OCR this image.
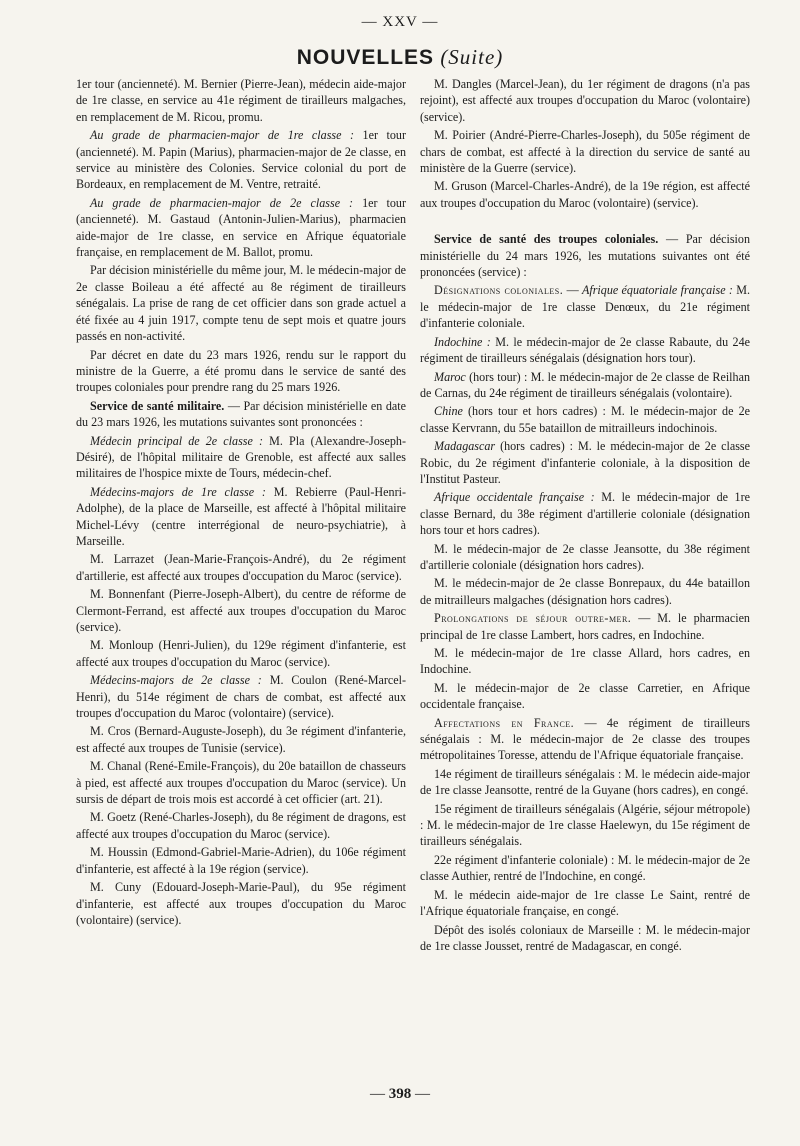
— XXV —
NOUVELLES (Suite)

1er tour (ancienneté). M. Bernier (Pierre-Jean), médecin aide-major de 1re classe, en service au 41e régiment de tirailleurs malgaches, en remplacement de M. Ricou, promu.

Au grade de pharmacien-major de 1re classe : 1er tour (ancienneté). M. Papin (Marius), pharmacien-major de 2e classe, en service au ministère des Colonies. Service colonial du port de Bordeaux, en remplacement de M. Ventre, retraité.

Au grade de pharmacien-major de 2e classe : 1er tour (ancienneté). M. Gastaud (Antonin-Julien-Marius), pharmacien aide-major de 1re classe, en service en Afrique équatoriale française, en remplacement de M. Ballot, promu.

Par décision ministérielle du même jour, M. le médecin-major de 2e classe Boileau a été affecté au 8e régiment de tirailleurs sénégalais. La prise de rang de cet officier dans son grade actuel a été fixée au 4 juin 1917, compte tenu de sept mois et quatre jours passés en non-activité.

Par décret en date du 23 mars 1926, rendu sur le rapport du ministre de la Guerre, a été promu dans le service de santé des troupes coloniales pour prendre rang du 25 mars 1926.

Service de santé militaire. — Par décision ministérielle en date du 23 mars 1926, les mutations suivantes sont prononcées :

Médecin principal de 2e classe : M. Pla (Alexandre-Joseph-Désiré), de l'hôpital militaire de Grenoble, est affecté aux salles militaires de l'hospice mixte de Tours, médecin-chef.

Médecins-majors de 1re classe : M. Rebierre (Paul-Henri-Adolphe), de la place de Marseille, est affecté à l'hôpital militaire Michel-Lévy (centre interrégional de neuro-psychiatrie), à Marseille.

M. Larrazet (Jean-Marie-François-André), du 2e régiment d'artillerie, est affecté aux troupes d'occupation du Maroc (service).

M. Bonnenfant (Pierre-Joseph-Albert), du centre de réforme de Clermont-Ferrand, est affecté aux troupes d'occupation du Maroc (service).

M. Monloup (Henri-Julien), du 129e régiment d'infanterie, est affecté aux troupes d'occupation du Maroc (service).

Médecins-majors de 2e classe : M. Coulon (René-Marcel-Henri), du 514e régiment de chars de combat, est affecté aux troupes d'occupation du Maroc (volontaire) (service).

M. Cros (Bernard-Auguste-Joseph), du 3e régiment d'infanterie, est affecté aux troupes de Tunisie (service).

M. Chanal (René-Emile-François), du 20e bataillon de chasseurs à pied, est affecté aux troupes d'occupation du Maroc (service). Un sursis de départ de trois mois est accordé à cet officier (art. 21).

M. Goetz (René-Charles-Joseph), du 8e régiment de dragons, est affecté aux troupes d'occupation du Maroc (service).

M. Houssin (Edmond-Gabriel-Marie-Adrien), du 106e régiment d'infanterie, est affecté à la 19e région (service).

M. Cuny (Edouard-Joseph-Marie-Paul), du 95e régiment d'infanterie, est affecté aux troupes d'occupation du Maroc (volontaire) (service).

M. Dangles (Marcel-Jean), du 1er régiment de dragons (n'a pas rejoint), est affecté aux troupes d'occupation du Maroc (volontaire) (service).

M. Poirier (André-Pierre-Charles-Joseph), du 505e régiment de chars de combat, est affecté à la direction du service de santé au ministère de la Guerre (service).

M. Gruson (Marcel-Charles-André), de la 19e région, est affecté aux troupes d'occupation du Maroc (volontaire) (service).

Service de santé des troupes coloniales. — Par décision ministérielle du 24 mars 1926, les mutations suivantes ont été prononcées (service) :

Désignations coloniales. — Afrique équatoriale française : M. le médecin-major de 1re classe Denœux, du 21e régiment d'infanterie coloniale.

Indochine : M. le médecin-major de 2e classe Rabaute, du 24e régiment de tirailleurs sénégalais (désignation hors tour).

Maroc (hors tour) : M. le médecin-major de 2e classe de Reilhan de Carnas, du 24e régiment de tirailleurs sénégalais (volontaire).

Chine (hors tour et hors cadres) : M. le médecin-major de 2e classe Kervrann, du 55e bataillon de mitrailleurs indochinois.

Madagascar (hors cadres) : M. le médecin-major de 2e classe Robic, du 2e régiment d'infanterie coloniale, à la disposition de l'Institut Pasteur.

Afrique occidentale française : M. le médecin-major de 1re classe Bernard, du 38e régiment d'artillerie coloniale (désignation hors tour et hors cadres).

M. le médecin-major de 2e classe Jeansotte, du 38e régiment d'artillerie coloniale (désignation hors cadres).

M. le médecin-major de 2e classe Bonrepaux, du 44e bataillon de mitrailleurs malgaches (désignation hors cadres).

Prolongations de séjour outre-mer. — M. le pharmacien principal de 1re classe Lambert, hors cadres, en Indochine.

M. le médecin-major de 1re classe Allard, hors cadres, en Indochine.

M. le médecin-major de 2e classe Carretier, en Afrique occidentale française.

Affectations en France. — 4e régiment de tirailleurs sénégalais : M. le médecin-major de 2e classe des troupes métropolitaines Toresse, attendu de l'Afrique équatoriale française.

14e régiment de tirailleurs sénégalais : M. le médecin aide-major de 1re classe Jeansotte, rentré de la Guyane (hors cadres), en congé.

15e régiment de tirailleurs sénégalais (Algérie, séjour métropole) : M. le médecin-major de 1re classe Haelewyn, du 15e régiment de tirailleurs sénégalais.

22e régiment d'infanterie coloniale) : M. le médecin-major de 2e classe Authier, rentré de l'Indochine, en congé.

M. le médecin aide-major de 1re classe Le Saint, rentré de l'Afrique équatoriale française, en congé.

Dépôt des isolés coloniaux de Marseille : M. le médecin-major de 1re classe Jousset, rentré de Madagascar, en congé.

— 398 —
